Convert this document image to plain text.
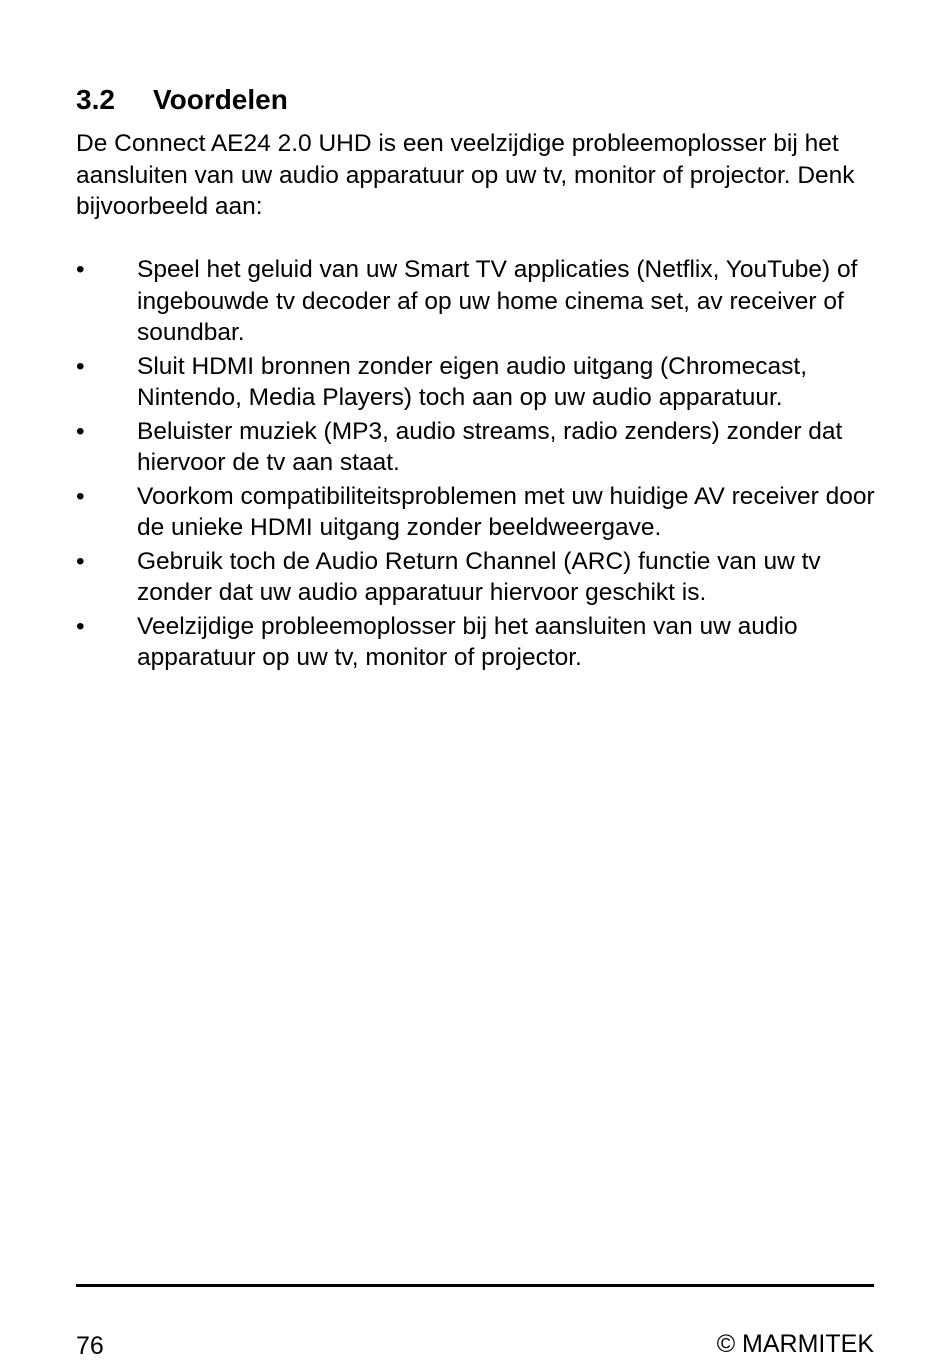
3.2 Voordelen

De Connect AE24 2.0 UHD is een veelzijdige probleemoplosser bij het aansluiten van uw audio apparatuur op uw tv, monitor of projector. Denk bijvoorbeeld aan:

•	Speel het geluid van uw Smart TV applicaties (Netflix, YouTube) of ingebouwde tv decoder af op uw home cinema set, av receiver of soundbar.
•	Sluit HDMI bronnen zonder eigen audio uitgang (Chromecast, Nintendo, Media Players) toch aan op uw audio apparatuur.
•	Beluister muziek (MP3, audio streams, radio zenders) zonder dat hiervoor de tv aan staat.
•	Voorkom compatibiliteitsproblemen met uw huidige AV receiver door de unieke HDMI uitgang zonder beeldweergave.
•	Gebruik toch de Audio Return Channel (ARC) functie van uw tv zonder dat uw audio apparatuur hiervoor geschikt is.
•	Veelzijdige probleemoplosser bij het aansluiten van uw audio apparatuur op uw tv, monitor of projector.
76	© MARMITEK
